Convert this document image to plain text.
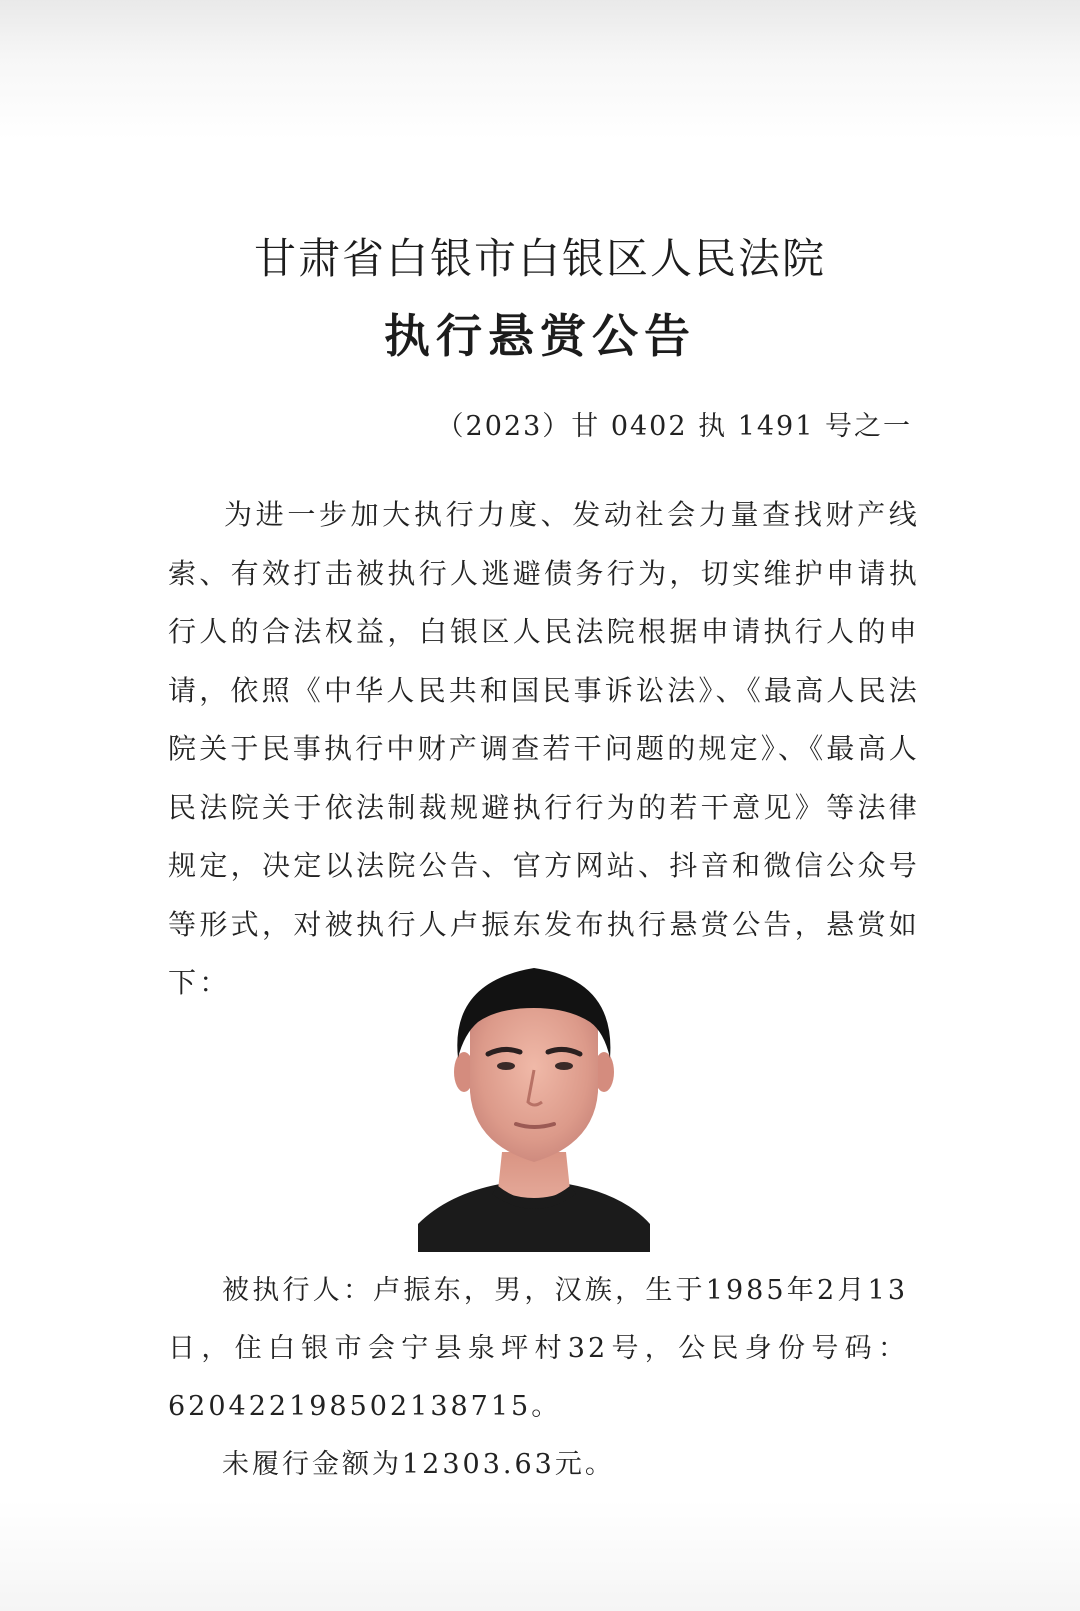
甘肃省白银市白银区人民法院
执行悬赏公告
（2023）甘 0402 执 1491 号之一

为进一步加大执行力度、发动社会力量查找财产线索、有效打击被执行人逃避债务行为，切实维护申请执行人的合法权益，白银区人民法院根据申请执行人的申请，依照《中华人民共和国民事诉讼法》、《最高人民法院关于民事执行中财产调查若干问题的规定》、《最高人民法院关于依法制裁规避执行行为的若干意见》等法律规定，决定以法院公告、官方网站、抖音和微信公众号等形式，对被执行人卢振东发布执行悬赏公告，悬赏如下：

被执行人：卢振东，男，汉族，生于1985年2月13日，住白银市会宁县泉坪村32号，公民身份号码：620422198502138715。

未履行金额为12303.63元。
